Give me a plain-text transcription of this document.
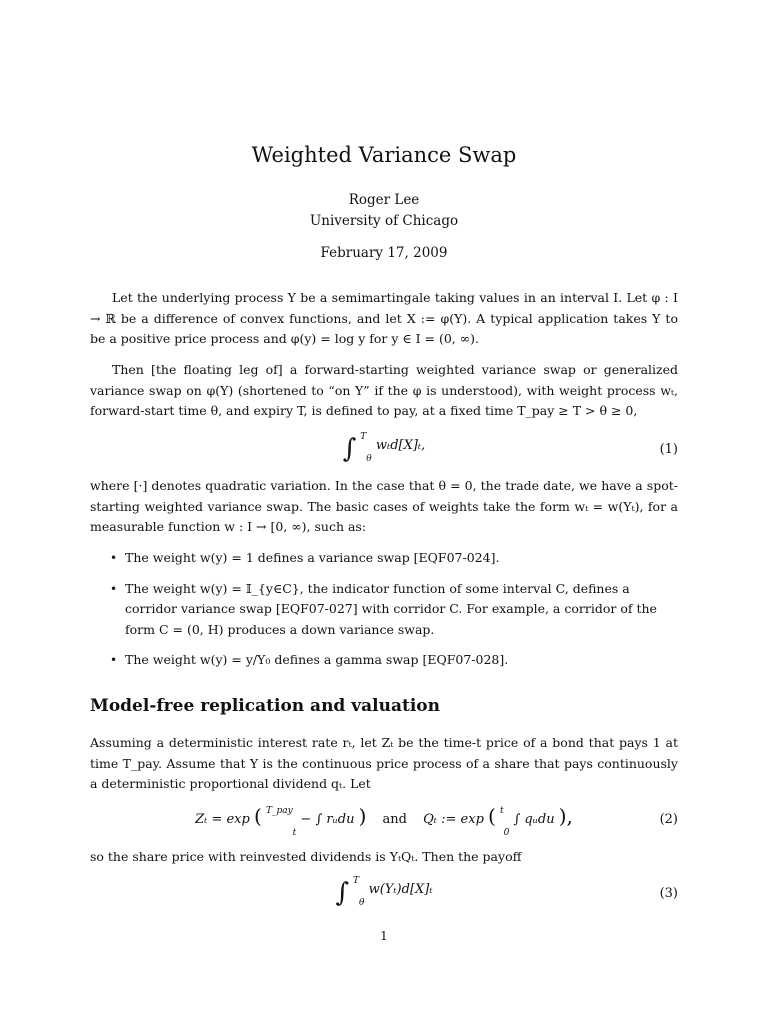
Weighted Variance Swap
Roger Lee
University of Chicago
February 17, 2009

Let the underlying process Y be a semimartingale taking values in an interval I. Let φ : I → ℝ be a difference of convex functions, and let X := φ(Y). A typical application takes Y to be a positive price process and φ(y) = log y for y ∈ I = (0, ∞).

Then [the floating leg of] a forward-starting weighted variance swap or generalized variance swap on φ(Y) (shortened to “on Y” if the φ is understood), with weight process wₜ, forward-start time θ, and expiry T, is defined to pay, at a fixed time T_pay ≥ T > θ ≥ 0,

∫ $^T_\theta$ wₜd[X]ₜ,	(1)

where [·] denotes quadratic variation. In the case that θ = 0, the trade date, we have a spot-starting weighted variance swap. The basic cases of weights take the form wₜ = w(Yₜ), for a measurable function w : I → [0, ∞), such as:

• The weight w(y) = 1 defines a variance swap [EQF07-024].
• The weight w(y) = 𝕀_{y∈C}, the indicator function of some interval C, defines a corridor variance swap [EQF07-027] with corridor C. For example, a corridor of the form C = (0, H) produces a down variance swap.
• The weight w(y) = y/Y₀ defines a gamma swap [EQF07-028].
Model-free replication and valuation

Assuming a deterministic interest rate rₜ, let Zₜ be the time-t price of a bond that pays 1 at time T_pay. Assume that Y is the continuous price process of a share that pays continuously a deterministic proportional dividend qₜ. Let

Zₜ = exp ( $^{T\_pay}_t$ − ∫ rᵤdu ) and Qₜ := exp ( $^t_0$ ∫ qᵤdu ),	(2)

so the share price with reinvested dividends is YₜQₜ. Then the payoff

∫ $^T_\theta$ w(Yₜ)d[X]ₜ	(3)
1
